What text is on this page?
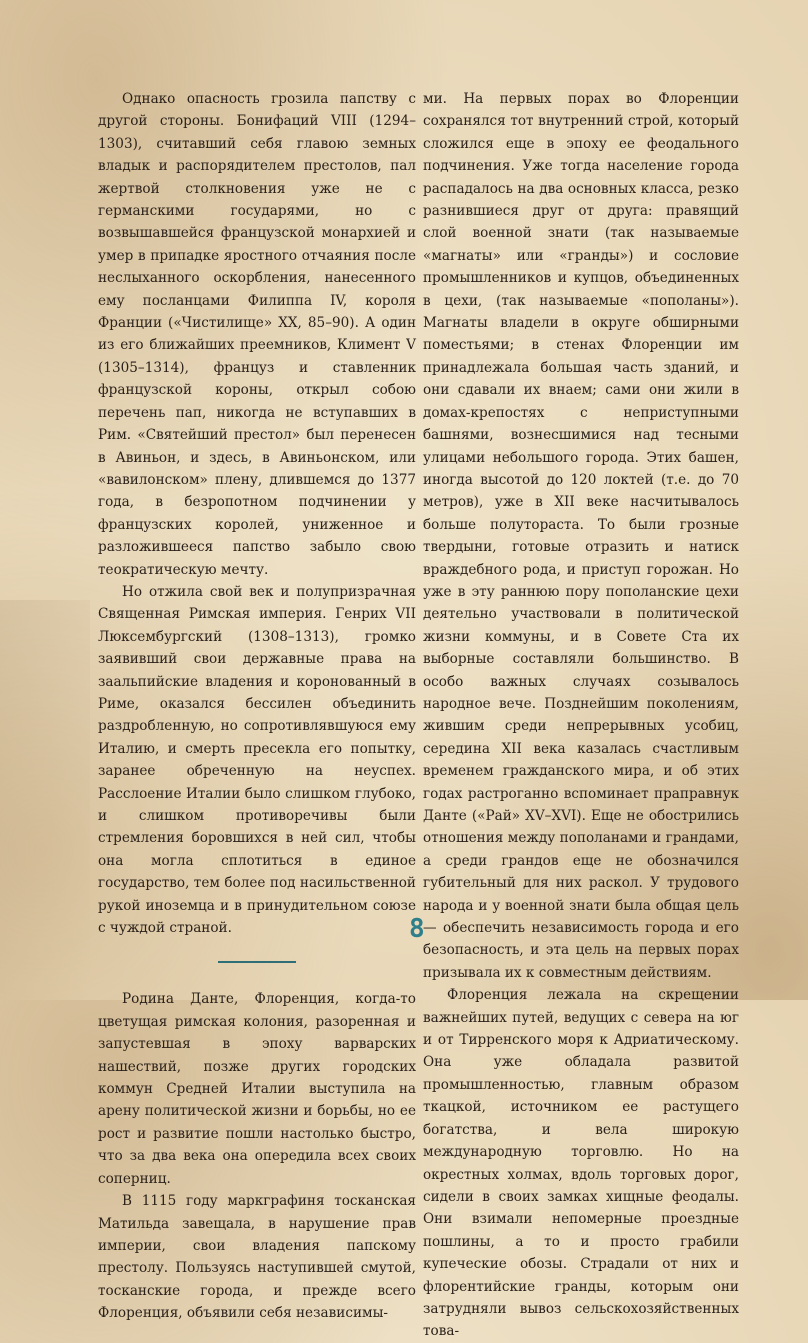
Однако опасность грозила папству с другой стороны. Бонифаций VIII (1294–1303), считавший себя главою земных владык и распорядителем престолов, пал жертвой столкновения уже не с германскими государями, но с возвышавшейся французской монархией и умер в припадке яростного отчаяния после неслыханного оскорбления, нанесенного ему посланцами Филиппа IV, короля Франции («Чистилище» XX, 85–90). А один из его ближайших преемников, Климент V (1305–1314), француз и ставленник французской короны, открыл собою перечень пап, никогда не вступавших в Рим. «Святейший престол» был перенесен в Авиньон, и здесь, в Авиньонском, или «вавилонском» плену, длившемся до 1377 года, в безропотном подчинении у французских королей, униженное и разложившееся папство забыло свою теократическую мечту.

Но отжила свой век и полупризрачная Священная Римская империя. Генрих VII Люксембургский (1308–1313), громко заявивший свои державные права на заальпийские владения и коронованный в Риме, оказался бессилен объединить раздробленную, но сопротивлявшуюся ему Италию, и смерть пресекла его попытку, заранее обреченную на неуспех. Расслоение Италии было слишком глубоко, и слишком противоречивы были стремления боровшихся в ней сил, чтобы она могла сплотиться в единое государство, тем более под насильственной рукой иноземца и в принудительном союзе с чуждой страной.

Родина Данте, Флоренция, когда-то цветущая римская колония, разоренная и запустевшая в эпоху варварских нашествий, позже других городских коммун Средней Италии выступила на арену политической жизни и борьбы, но ее рост и развитие пошли настолько быстро, что за два века она опередила всех своих соперниц.

В 1115 году маркграфиня тосканская Матильда завещала, в нарушение прав империи, свои владения папскому престолу. Пользуясь наступившей смутой, тосканские города, и прежде всего Флоренция, объявили себя независимы-

ми. На первых порах во Флоренции сохранялся тот внутренний строй, который сложился еще в эпоху ее феодального подчинения. Уже тогда население города распадалось на два основных класса, резко разнившиеся друг от друга: правящий слой военной знати (так называемые «магнаты» или «гранды») и сословие промышленников и купцов, объединенных в цехи, (так называемые «пополаны»). Магнаты владели в округе обширными поместьями; в стенах Флоренции им принадлежала большая часть зданий, и они сдавали их внаем; сами они жили в домах-крепостях с неприступными башнями, вознесшимися над тесными улицами небольшого города. Этих башен, иногда высотой до 120 локтей (т.е. до 70 метров), уже в XII веке насчитывалось больше полутораста. То были грозные твердыни, готовые отразить и натиск враждебного рода, и приступ горожан. Но уже в эту раннюю пору пополанские цехи деятельно участвовали в политической жизни коммуны, и в Совете Ста их выборные составляли большинство. В особо важных случаях созывалось народное вече. Позднейшим поколениям, жившим среди непрерывных усобиц, середина XII века казалась счастливым временем гражданского мира, и об этих годах растроганно вспоминает праправнук Данте («Рай» XV–XVI). Еще не обострились отношения между пополанами и грандами, а среди грандов еще не обозначился губительный для них раскол. У трудового народа и у военной знати была общая цель — обеспечить независимость города и его безопасность, и эта цель на первых порах призывала их к совместным действиям.

Флоренция лежала на скрещении важнейших путей, ведущих с севера на юг и от Тирренского моря к Адриатическому. Она уже обладала развитой промышленностью, главным образом ткацкой, источником ее растущего богатства, и вела широкую международную торговлю. Но на окрестных холмах, вдоль торговых дорог, сидели в своих замках хищные феодалы. Они взимали непомерные проездные пошлины, а то и просто грабили купеческие обозы. Страдали от них и флорентийские гранды, которым они затрудняли вывоз сельскохозяйственных това-

8
